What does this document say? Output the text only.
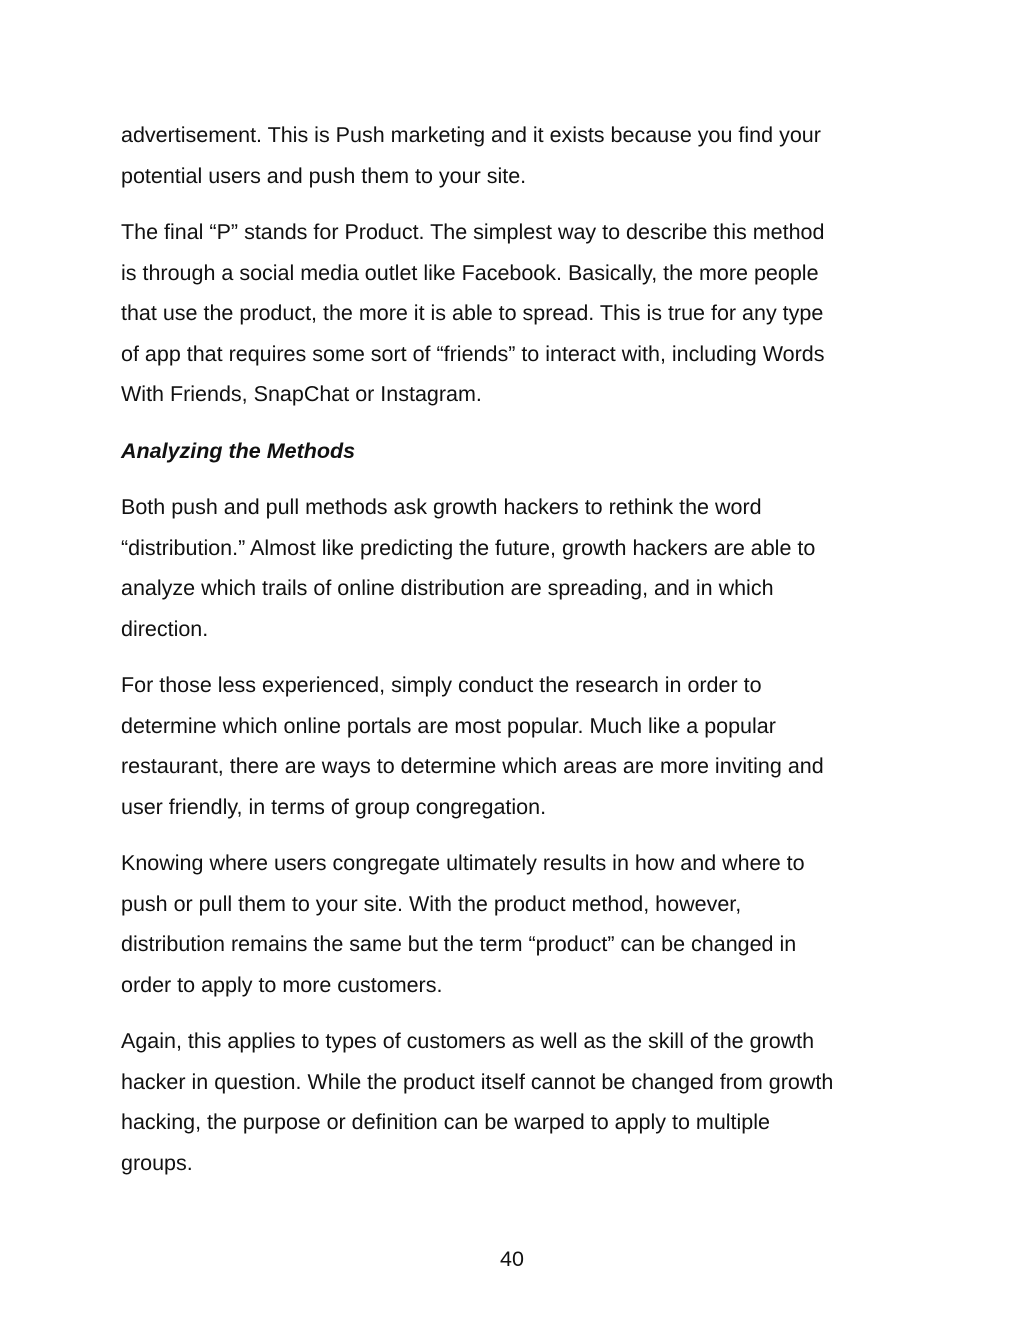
advertisement. This is Push marketing and it exists because you find your
potential users and push them to your site.

The final “P” stands for Product. The simplest way to describe this method
is through a social media outlet like Facebook. Basically, the more people
that use the product, the more it is able to spread. This is true for any type
of app that requires some sort of “friends” to interact with, including Words
With Friends, SnapChat or Instagram.

Analyzing the Methods

Both push and pull methods ask growth hackers to rethink the word
“distribution.” Almost like predicting the future, growth hackers are able to
analyze which trails of online distribution are spreading, and in which
direction.

For those less experienced, simply conduct the research in order to
determine which online portals are most popular. Much like a popular
restaurant, there are ways to determine which areas are more inviting and
user friendly, in terms of group congregation.

Knowing where users congregate ultimately results in how and where to
push or pull them to your site. With the product method, however,
distribution remains the same but the term “product” can be changed in
order to apply to more customers.

Again, this applies to types of customers as well as the skill of the growth
hacker in question. While the product itself cannot be changed from growth
hacking, the purpose or definition can be warped to apply to multiple
groups.

40
